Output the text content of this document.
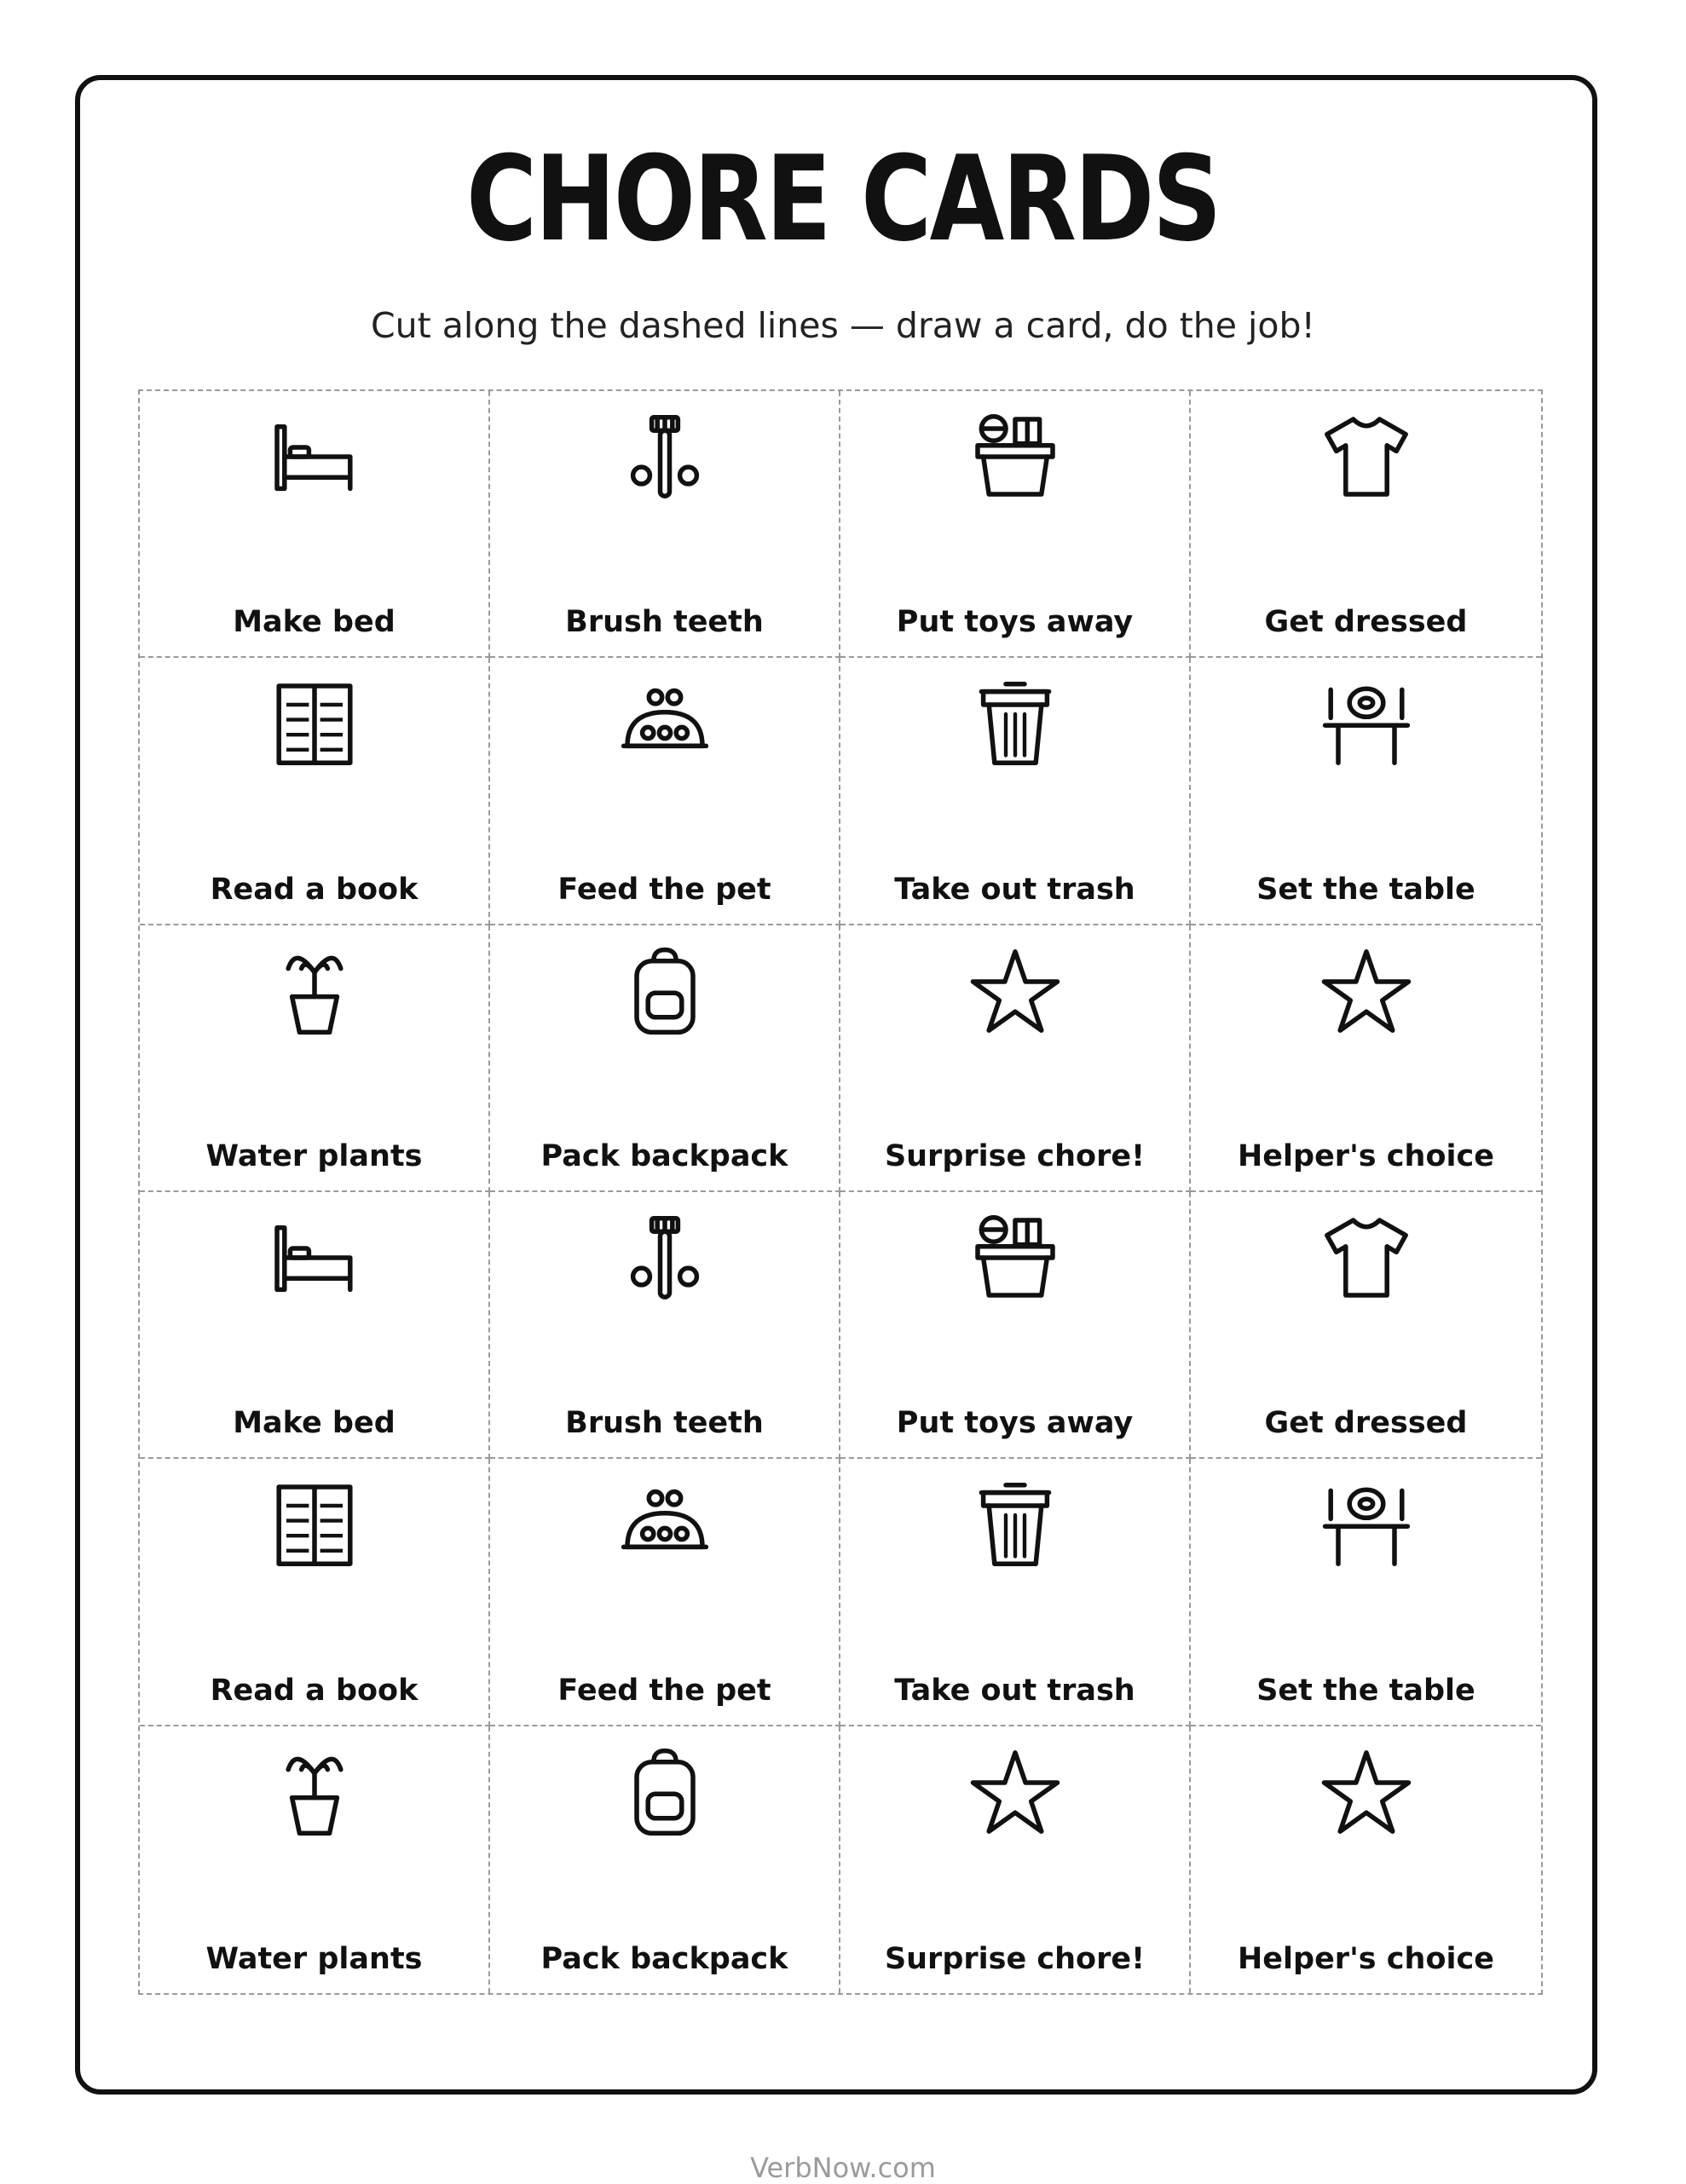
CHORE CARDS
Cut along the dashed lines — draw a card, do the job!
Make bed	Brush teeth	Put toys away	Get dressed
Read a book	Feed the pet	Take out trash	Set the table
Water plants	Pack backpack	Surprise chore!	Helper's choice
Make bed	Brush teeth	Put toys away	Get dressed
Read a book	Feed the pet	Take out trash	Set the table
Water plants	Pack backpack	Surprise chore!	Helper's choice
VerbNow.com
